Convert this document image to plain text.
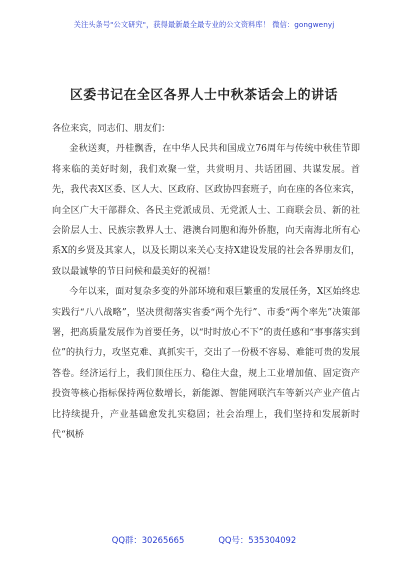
关注头条号"公文研究"，获得最新最全最专业的公文资料库！ 微信：gongwenyj
区委书记在全区各界人士中秋茶话会上的讲话

各位来宾，同志们、朋友们：

金秋送爽，丹桂飘香，在中华人民共和国成立76周年与传统中秋佳节即将来临的美好时刻，我们欢聚一堂，共赏明月、共话团圆、共谋发展。首先，我代表X区委、区人大、区政府、区政协四套班子，向在座的各位来宾，向全区广大干部群众、各民主党派成员、无党派人士、工商联会员、新的社会阶层人士、民族宗教界人士、港澳台同胞和海外侨胞，向天南海北所有心系X的乡贤及其家人，以及长期以来关心支持X建设发展的社会各界朋友们，致以最诚挚的节日问候和最美好的祝福！

今年以来，面对复杂多变的外部环境和艰巨繁重的发展任务，X区始终忠实践行“八八战略”，坚决贯彻落实省委“两个先行”、市委“两个率先”决策部署，把高质量发展作为首要任务，以“时时放心不下”的责任感和“事事落实到位”的执行力，攻坚克难、真抓实干，交出了一份极不容易、难能可贵的发展答卷。经济运行上，我们顶住压力、稳住大盘，规上工业增加值、固定资产投资等核心指标保持两位数增长，新能源、智能网联汽车等新兴产业产值占比持续提升，产业基础愈发扎实稳固；社会治理上，我们坚持和发展新时代“枫桥

QQ群：30265665	QQ号：535304092
